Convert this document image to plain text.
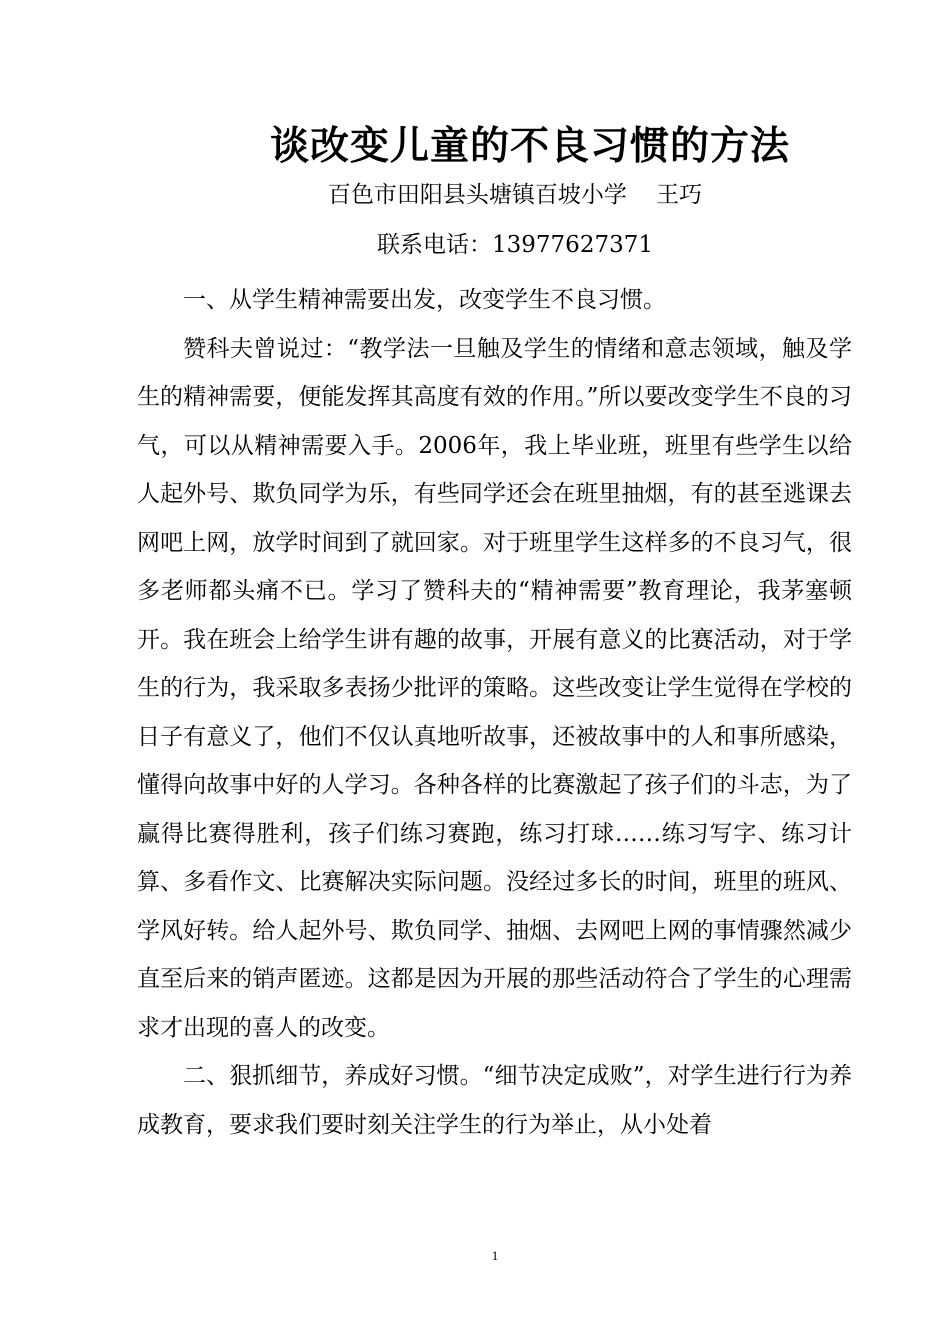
谈改变儿童的不良习惯的方法
百色市田阳县头塘镇百坡小学    王巧
联系电话：13977627371

一、从学生精神需要出发，改变学生不良习惯。

赞科夫曾说过：“教学法一旦触及学生的情绪和意志领域，触及学生的精神需要，便能发挥其高度有效的作用。”所以要改变学生不良的习气，可以从精神需要入手。2006年，我上毕业班，班里有些学生以给人起外号、欺负同学为乐，有些同学还会在班里抽烟，有的甚至逃课去网吧上网，放学时间到了就回家。对于班里学生这样多的不良习气，很多老师都头痛不已。学习了赞科夫的“精神需要”教育理论，我茅塞顿开。我在班会上给学生讲有趣的故事，开展有意义的比赛活动，对于学生的行为，我采取多表扬少批评的策略。这些改变让学生觉得在学校的日子有意义了，他们不仅认真地听故事，还被故事中的人和事所感染，懂得向故事中好的人学习。各种各样的比赛激起了孩子们的斗志，为了赢得比赛得胜利，孩子们练习赛跑，练习打球……练习写字、练习计算、多看作文、比赛解决实际问题。没经过多长的时间，班里的班风、学风好转。给人起外号、欺负同学、抽烟、去网吧上网的事情骤然减少直至后来的销声匿迹。这都是因为开展的那些活动符合了学生的心理需求才出现的喜人的改变。

二、狠抓细节，养成好习惯。“细节决定成败”，对学生进行行为养成教育，要求我们要时刻关注学生的行为举止，从小处着

1
